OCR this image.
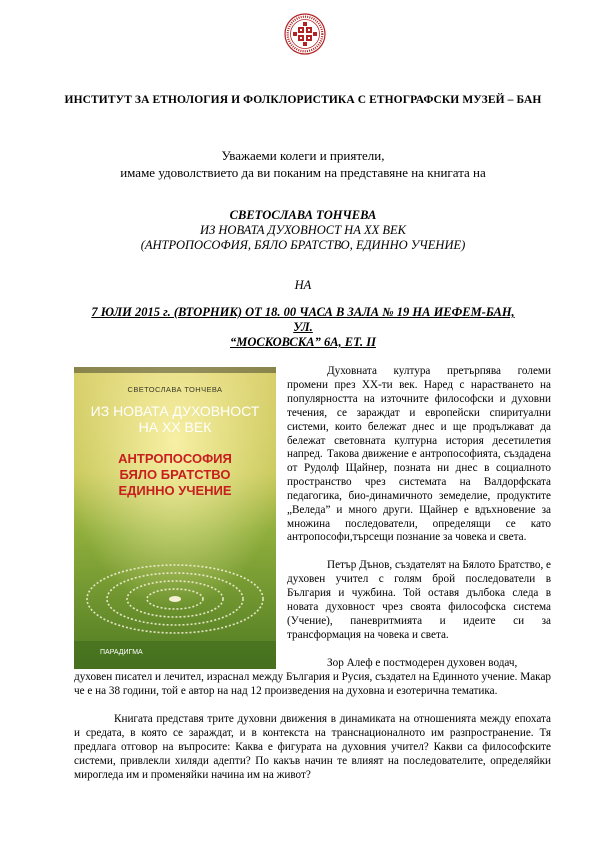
ИНСТИТУТ ЗА ЕТНОЛОГИЯ И ФОЛКЛОРИСТИКА С ЕТНОГРАФСКИ МУЗЕЙ – БАН
Уважаеми колеги и приятели,
имаме удоволствието да ви поканим на представяне на книгата на
СВЕТОСЛАВА ТОНЧЕВА
ИЗ НОВАТА ДУХОВНОСТ НА XX ВЕК
(АНТРОПОСОФИЯ, БЯЛО БРАТСТВО, ЕДИННО УЧЕНИЕ)
НА
7 ЮЛИ 2015 г. (ВТОРНИК) ОТ 18. 00 ЧАСА В ЗАЛА № 19 НА ИЕФЕМ-БАН, УЛ.
“МОСКОВСКА” 6А, ЕТ. II
СВЕТОСЛАВА ТОНЧЕВА
ИЗ НОВАТА ДУХОВНОСТ
НА XX ВЕК
АНТРОПОСОФИЯ
БЯЛО БРАТСТВО
ЕДИННО УЧЕНИЕ
ПАРАДИГМА
Духовната култура претърпява големи промени през ХХ-ти век. Наред с нарастването на популярността на източните философски и духовни течения, се зараждат и европейски спиритуални системи, които бележат днес и ще продължават да бележат световната културна история десетилетия напред. Такова движение е антропософията, създадена от Рудолф Щайнер, позната ни днес в социалното пространство чрез системата на Валдорфската педагогика, био-динамичното земеделие, продуктите „Веледа” и много други. Щайнер е вдъхновение за множина последователи, определящи се като антропософи,търсещи познание за човека и света.
Петър Дънов, създателят на Бялото Братство, е духовен учител с голям брой последователи в България и чужбина. Той оставя дълбока следа в новата духовност чрез своята философска система (Учение), паневритмията и идеите си за трансформация на човека и света.
Зор Алеф е постмодерен духовен водач,
духовен писател и лечител, израснал между България и Русия, създател на Единното учение. Макар че е на 38 години, той е автор на над 12 произведения на духовна и езотерична тематика.
Книгата представя трите духовни движения в динамиката на отношенията между епохата и средата, в която се зараждат, и в контекста на транснационалното им разпространение. Тя предлага отговор на въпросите: Каква е фигурата на духовния учител? Какви са философските системи, привлекли хиляди адепти? По какъв начин те влияят на последователите, определяйки мирогледа им и променяйки начина им на живот?
